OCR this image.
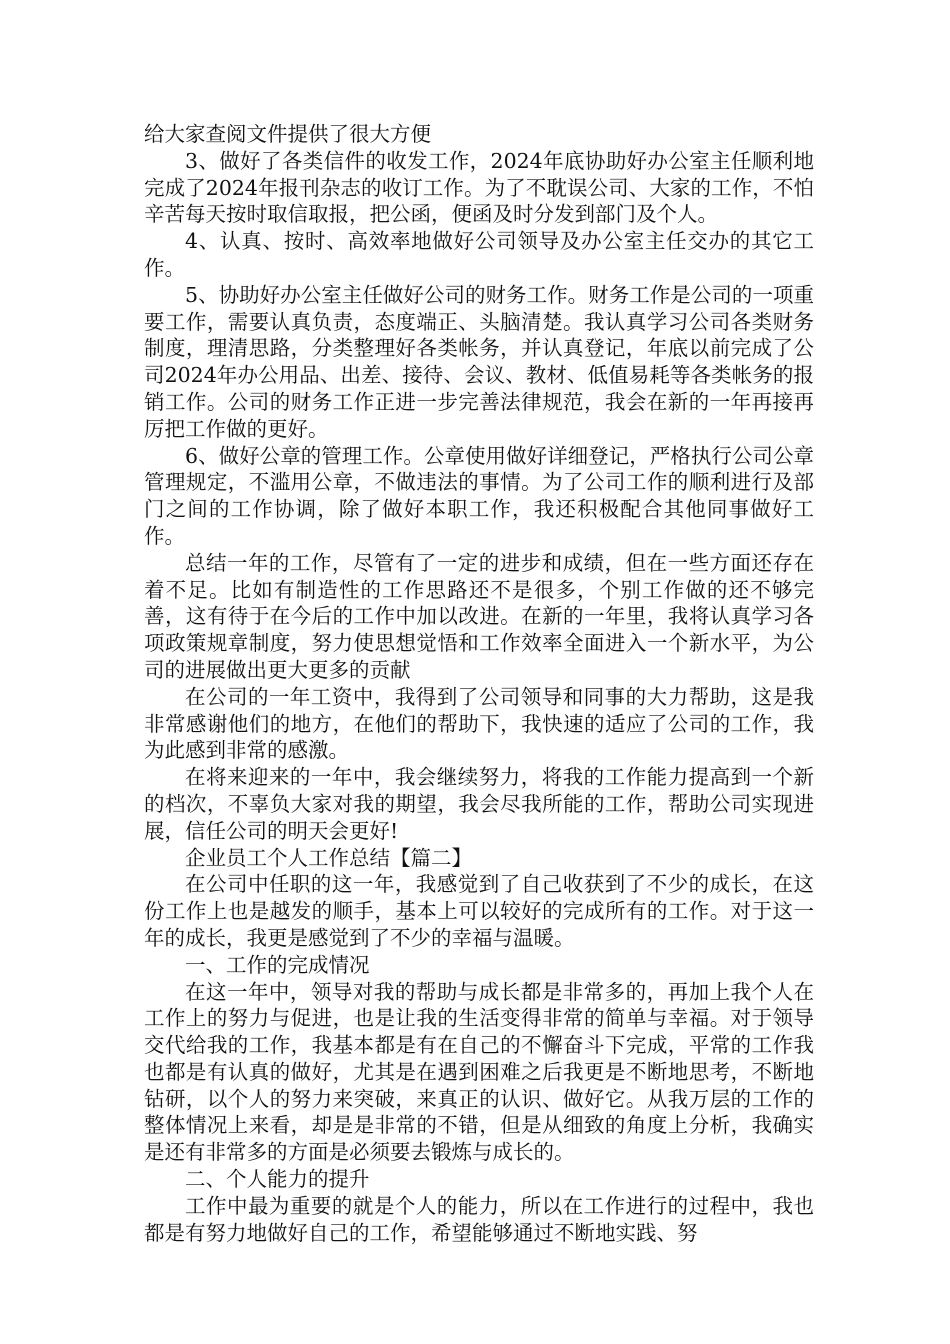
给大家查阅文件提供了很大方便

3、做好了各类信件的收发工作，2024年底协助好办公室主任顺利地完成了2024年报刊杂志的收订工作。为了不耽误公司、大家的工作，不怕辛苦每天按时取信取报，把公函，便函及时分发到部门及个人。

4、认真、按时、高效率地做好公司领导及办公室主任交办的其它工作。

5、协助好办公室主任做好公司的财务工作。财务工作是公司的一项重要工作，需要认真负责，态度端正、头脑清楚。我认真学习公司各类财务制度，理清思路，分类整理好各类帐务，并认真登记，年底以前完成了公司2024年办公用品、出差、接待、会议、教材、低值易耗等各类帐务的报销工作。公司的财务工作正进一步完善法律规范，我会在新的一年再接再厉把工作做的更好。

6、做好公章的管理工作。公章使用做好详细登记，严格执行公司公章管理规定，不滥用公章，不做违法的事情。为了公司工作的顺利进行及部门之间的工作协调，除了做好本职工作，我还积极配合其他同事做好工作。

总结一年的工作，尽管有了一定的进步和成绩，但在一些方面还存在着不足。比如有制造性的工作思路还不是很多，个别工作做的还不够完善，这有待于在今后的工作中加以改进。在新的一年里，我将认真学习各项政策规章制度，努力使思想觉悟和工作效率全面进入一个新水平，为公司的进展做出更大更多的贡献

在公司的一年工资中，我得到了公司领导和同事的大力帮助，这是我非常感谢他们的地方，在他们的帮助下，我快速的适应了公司的工作，我为此感到非常的感激。

在将来迎来的一年中，我会继续努力，将我的工作能力提高到一个新的档次，不辜负大家对我的期望，我会尽我所能的工作，帮助公司实现进展，信任公司的明天会更好!

企业员工个人工作总结【篇二】

在公司中任职的这一年，我感觉到了自己收获到了不少的成长，在这份工作上也是越发的顺手，基本上可以较好的完成所有的工作。对于这一年的成长，我更是感觉到了不少的幸福与温暖。

一、工作的完成情况

在这一年中，领导对我的帮助与成长都是非常多的，再加上我个人在工作上的努力与促进，也是让我的生活变得非常的简单与幸福。对于领导交代给我的工作，我基本都是有在自己的不懈奋斗下完成，平常的工作我也都是有认真的做好，尤其是在遇到困难之后我更是不断地思考，不断地钻研，以个人的努力来突破，来真正的认识、做好它。从我万层的工作的整体情况上来看，却是是非常的不错，但是从细致的角度上分析，我确实是还有非常多的方面是必须要去锻炼与成长的。

二、个人能力的提升

工作中最为重要的就是个人的能力，所以在工作进行的过程中，我也都是有努力地做好自己的工作，希望能够通过不断地实践、努
